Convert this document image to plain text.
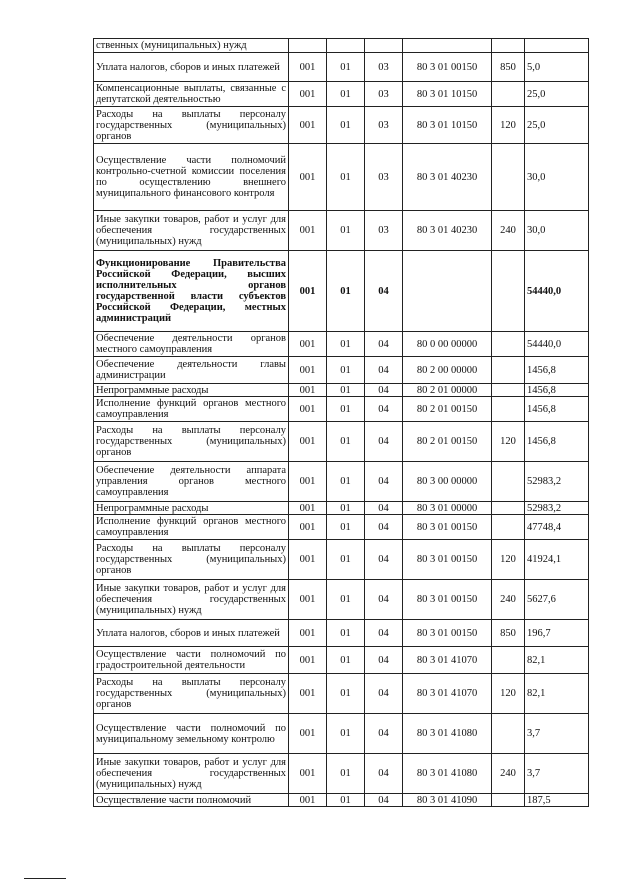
ственных (муниципальных) нужд						
Уплата налогов, сборов и иных платежей	001	01	03	80 3 01 00150	850	5,0
Компенсационные выплаты, связанные с депутатской деятельностью	001	01	03	80 3 01 10150		25,0
Расходы на выплаты персоналу государственных (муниципальных) органов	001	01	03	80 3 01 10150	120	25,0
Осуществление части полномочий контрольно-счетной комиссии поселения по осуществлению внешнего муниципального финансового контроля	001	01	03	80 3 01 40230		30,0
Иные закупки товаров, работ и услуг для обеспечения государственных (муниципальных) нужд	001	01	03	80 3 01 40230	240	30,0
Функционирование Правительства Российской Федерации, высших исполнительных органов государственной власти субъектов Российской Федерации, местных администраций	001	01	04			54440,0
Обеспечение деятельности органов местного самоуправления	001	01	04	80 0 00 00000		54440,0
Обеспечение деятельности главы администрации	001	01	04	80 2 00 00000		1456,8
Непрограммные расходы	001	01	04	80 2 01 00000		1456,8
Исполнение функций органов местного самоуправления	001	01	04	80 2 01 00150		1456,8
Расходы на выплаты персоналу государственных (муниципальных) органов	001	01	04	80 2 01 00150	120	1456,8
Обеспечение деятельности аппарата управления органов местного самоуправления	001	01	04	80 3 00 00000		52983,2
Непрограммные расходы	001	01	04	80 3 01 00000		52983,2
Исполнение функций органов местного самоуправления	001	01	04	80 3 01 00150		47748,4
Расходы на выплаты персоналу государственных (муниципальных) органов	001	01	04	80 3 01 00150	120	41924,1
Иные закупки товаров, работ и услуг для обеспечения государственных (муниципальных) нужд	001	01	04	80 3 01 00150	240	5627,6
Уплата налогов, сборов и иных платежей	001	01	04	80 3 01 00150	850	196,7
Осуществление части полномочий по градостроительной деятельности	001	01	04	80 3 01 41070		82,1
Расходы на выплаты персоналу государственных (муниципальных) органов	001	01	04	80 3 01 41070	120	82,1
Осуществление части полномочий по муниципальному земельному контролю	001	01	04	80 3 01 41080		3,7
Иные закупки товаров, работ и услуг для обеспечения государственных (муниципальных) нужд	001	01	04	80 3 01 41080	240	3,7
Осуществление части полномочий	001	01	04	80 3 01 41090		187,5
